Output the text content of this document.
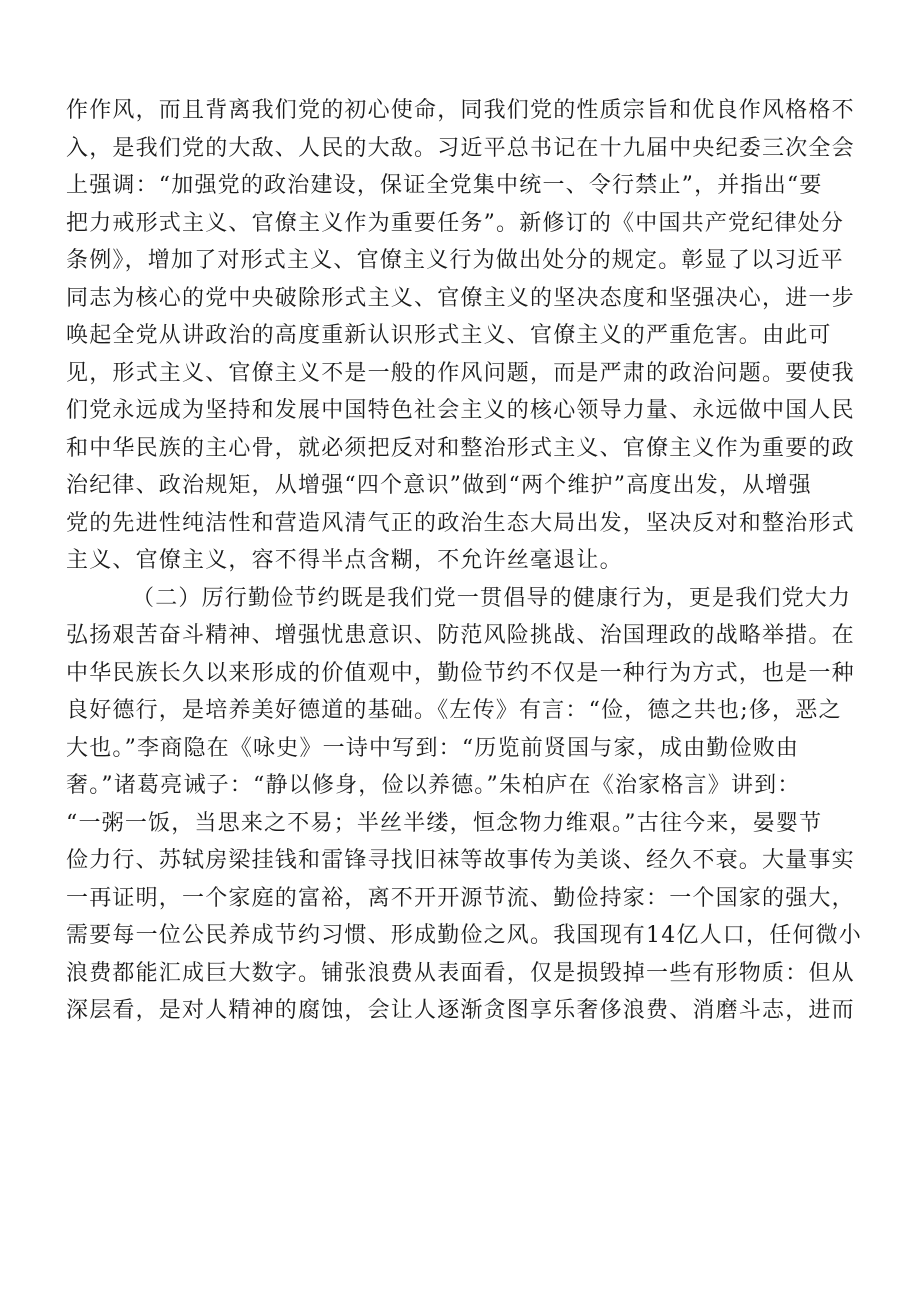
作作风，而且背离我们党的初心使命，同我们党的性质宗旨和优良作风格格不
入，是我们党的大敌、人民的大敌。习近平总书记在十九届中央纪委三次全会
上强调：“加强党的政治建设，保证全党集中统一、令行禁止”，并指出“要
把力戒形式主义、官僚主义作为重要任务”。新修订的《中国共产党纪律处分
条例》，增加了对形式主义、官僚主义行为做出处分的规定。彰显了以习近平
同志为核心的党中央破除形式主义、官僚主义的坚决态度和坚强决心，进一步
唤起全党从讲政治的高度重新认识形式主义、官僚主义的严重危害。由此可
见，形式主义、官僚主义不是一般的作风问题，而是严肃的政治问题。要使我
们党永远成为坚持和发展中国特色社会主义的核心领导力量、永远做中国人民
和中华民族的主心骨，就必须把反对和整治形式主义、官僚主义作为重要的政
治纪律、政治规矩，从增强“四个意识”做到“两个维护”高度出发，从增强
党的先进性纯洁性和营造风清气正的政治生态大局出发，坚决反对和整治形式
主义、官僚主义，容不得半点含糊，不允许丝毫退让。
（二）厉行勤俭节约既是我们党一贯倡导的健康行为，更是我们党大力
弘扬艰苦奋斗精神、增强忧患意识、防范风险挑战、治国理政的战略举措。在
中华民族长久以来形成的价值观中，勤俭节约不仅是一种行为方式，也是一种
良好德行，是培养美好德道的基础。《左传》有言：“俭，德之共也;侈，恶之
大也。”李商隐在《咏史》一诗中写到：“历览前贤国与家，成由勤俭败由
奢。”诸葛亮诫子：“静以修身，俭以养德。”朱柏庐在《治家格言》讲到：
“一粥一饭，当思来之不易；半丝半缕，恒念物力维艰。”古往今来，晏婴节
俭力行、苏轼房梁挂钱和雷锋寻找旧袜等故事传为美谈、经久不衰。大量事实
一再证明，一个家庭的富裕，离不开开源节流、勤俭持家：一个国家的强大，
需要每一位公民养成节约习惯、形成勤俭之风。我国现有14亿人口，任何微小
浪费都能汇成巨大数字。铺张浪费从表面看，仅是损毁掉一些有形物质：但从
深层看，是对人精神的腐蚀，会让人逐渐贪图享乐奢侈浪费、消磨斗志，进而
